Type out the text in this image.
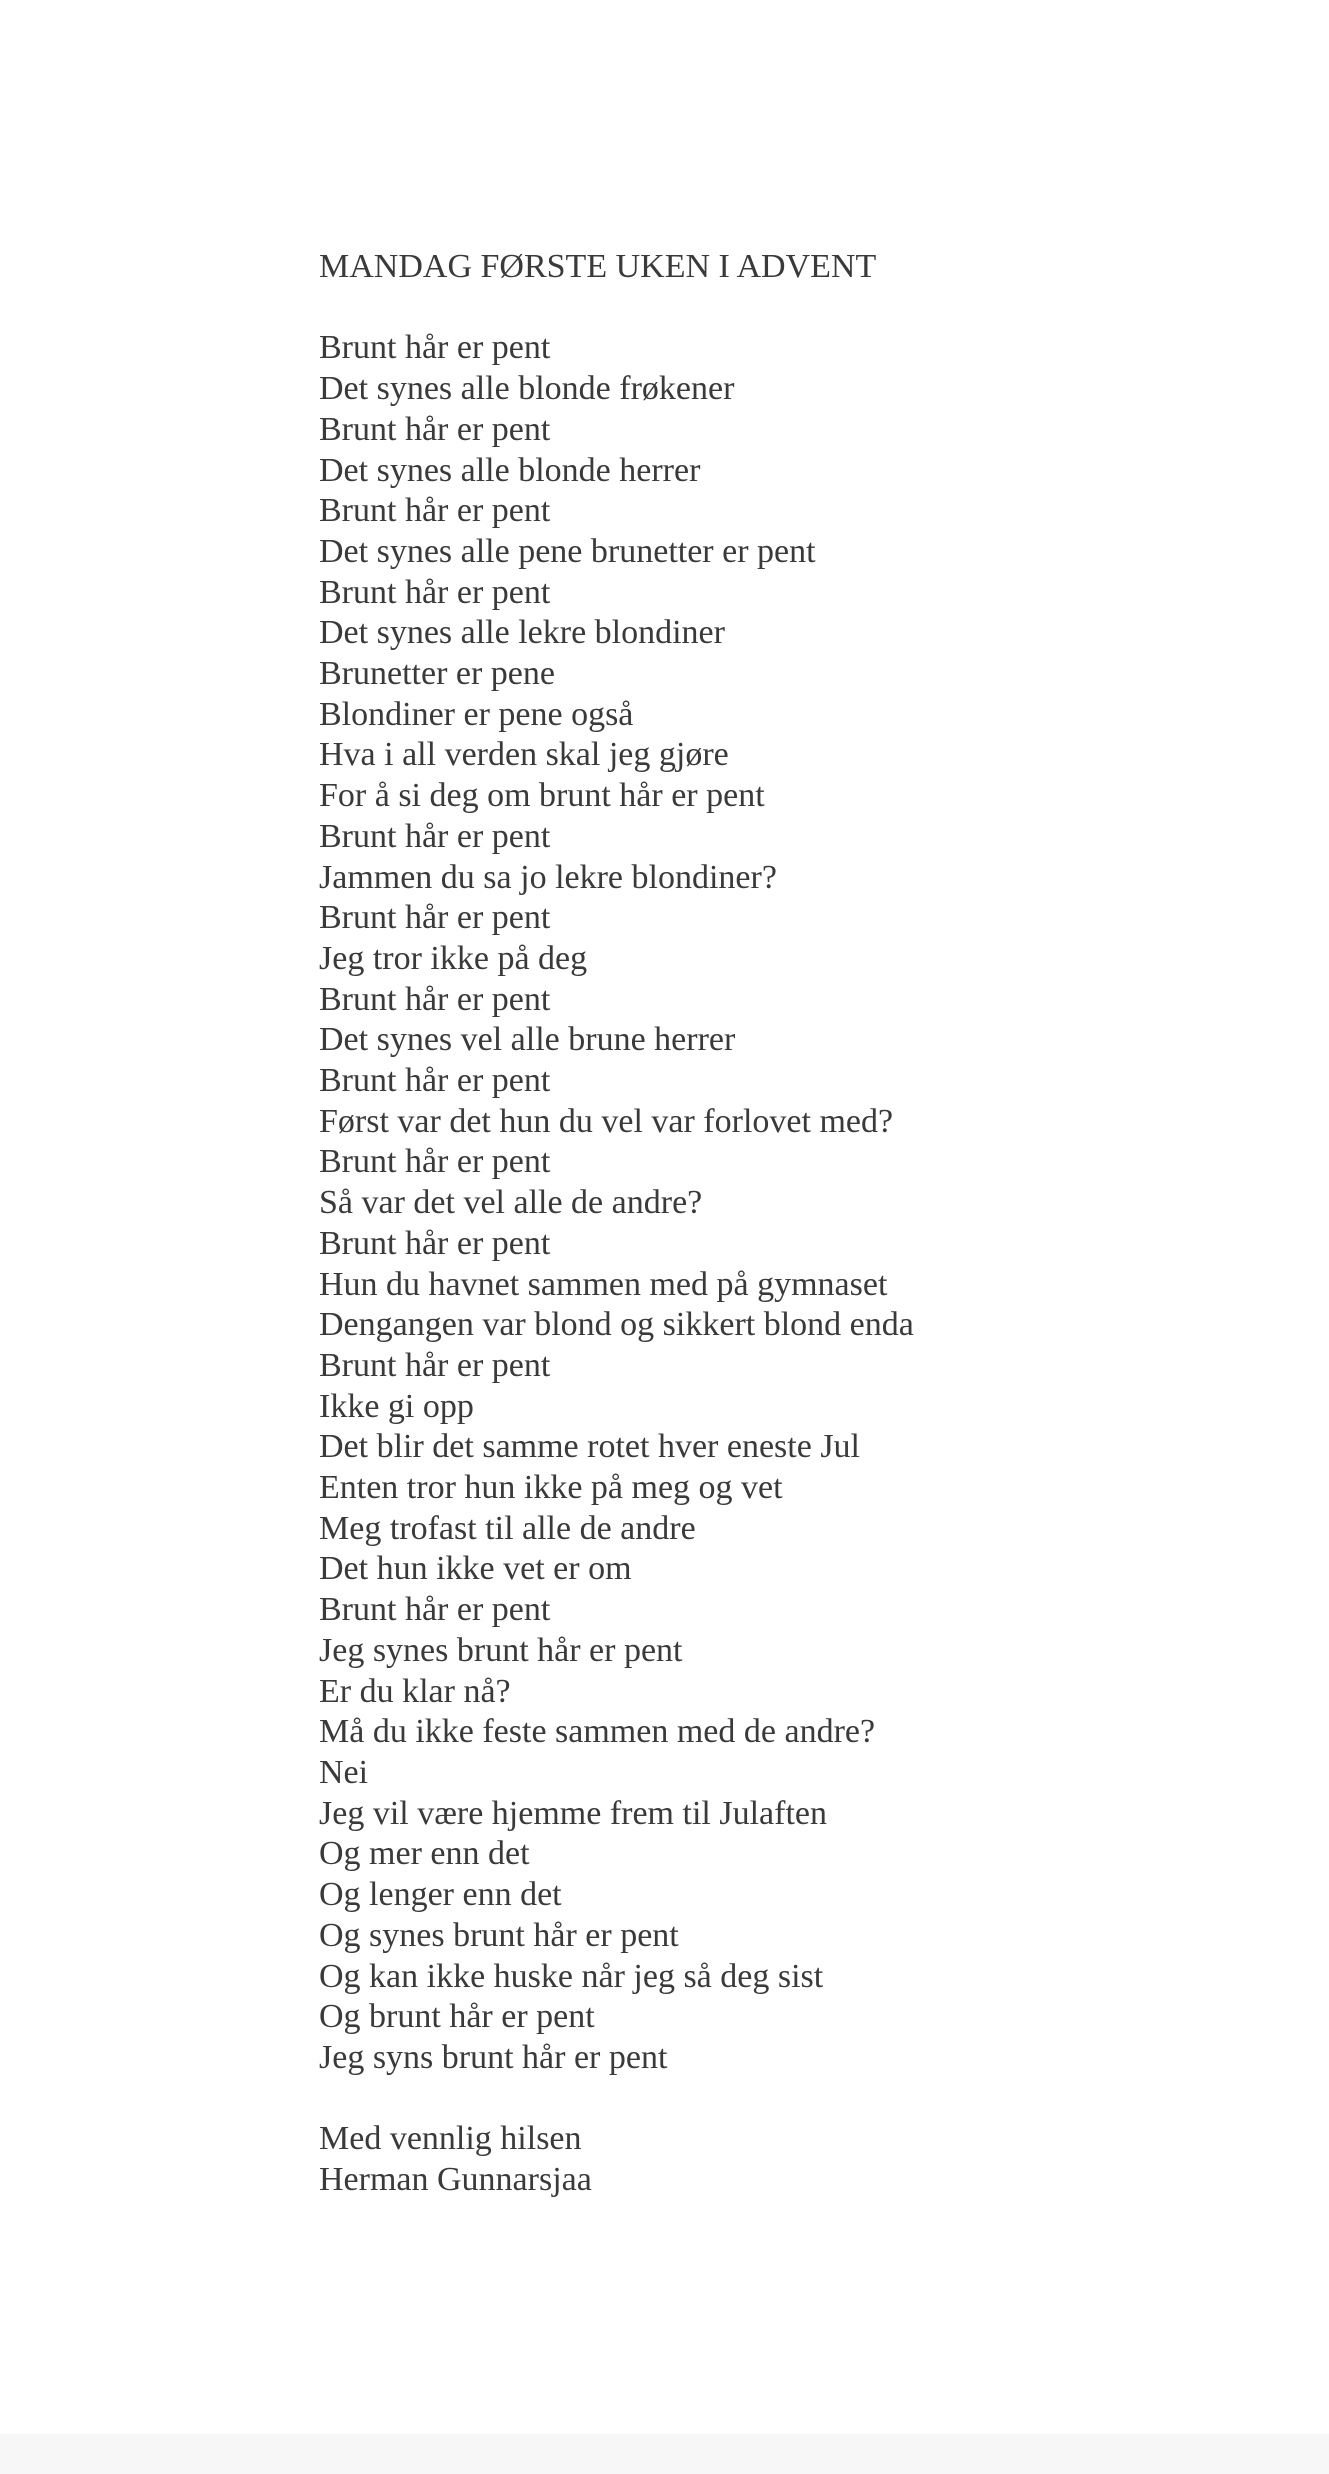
MANDAG FØRSTE UKEN I ADVENT
Brunt hår er pent
Det synes alle blonde frøkener
Brunt hår er pent
Det synes alle blonde herrer
Brunt hår er pent
Det synes alle pene brunetter er pent
Brunt hår er pent
Det synes alle lekre blondiner
Brunetter er pene
Blondiner er pene også
Hva i all verden skal jeg gjøre
For å si deg om brunt hår er pent
Brunt hår er pent
Jammen du sa jo lekre blondiner?
Brunt hår er pent
Jeg tror ikke på deg
Brunt hår er pent
Det synes vel alle brune herrer
Brunt hår er pent
Først var det hun du vel var forlovet med?
Brunt hår er pent
Så var det vel alle de andre?
Brunt hår er pent
Hun du havnet sammen med på gymnaset
Dengangen var blond og sikkert blond enda
Brunt hår er pent
Ikke gi opp
Det blir det samme rotet hver eneste Jul
Enten tror hun ikke på meg og vet
Meg trofast til alle de andre
Det hun ikke vet er om
Brunt hår er pent
Jeg synes brunt hår er pent
Er du klar nå?
Må du ikke feste sammen med de andre?
Nei
Jeg vil være hjemme frem til Julaften
Og mer enn det
Og lenger enn det
Og synes brunt hår er pent
Og kan ikke huske når jeg så deg sist
Og brunt hår er pent
Jeg syns brunt hår er pent
Med vennlig hilsen
Herman Gunnarsjaa
